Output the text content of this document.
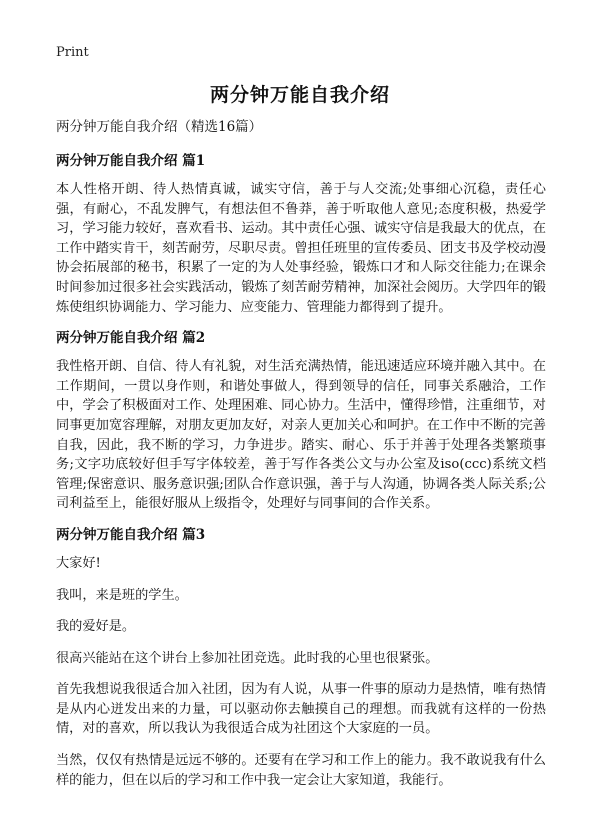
Print
两分钟万能自我介绍

两分钟万能自我介绍（精选16篇）

两分钟万能自我介绍 篇1

本人性格开朗、待人热情真诚，诚实守信，善于与人交流;处事细心沉稳，责任心强，有耐心，不乱发脾气，有想法但不鲁莽，善于听取他人意见;态度积极，热爱学习，学习能力较好，喜欢看书、运动。其中责任心强、诚实守信是我最大的优点，在工作中踏实肯干，刻苦耐劳，尽职尽责。曾担任班里的宣传委员、团支书及学校动漫协会拓展部的秘书，积累了一定的为人处事经验，锻炼口才和人际交往能力;在课余时间参加过很多社会实践活动，锻炼了刻苦耐劳精神，加深社会阅历。大学四年的锻炼使组织协调能力、学习能力、应变能力、管理能力都得到了提升。

两分钟万能自我介绍 篇2

我性格开朗、自信、待人有礼貌，对生活充满热情，能迅速适应环境并融入其中。在工作期间，一贯以身作则，和谐处事做人，得到领导的信任，同事关系融洽，工作中，学会了积极面对工作、处理困难、同心协力。生活中，懂得珍惜，注重细节，对同事更加宽容理解，对朋友更加友好，对亲人更加关心和呵护。在工作中不断的完善自我，因此，我不断的学习，力争进步。踏实、耐心、乐于并善于处理各类繁琐事务;文字功底较好但手写字体较差，善于写作各类公文与办公室及iso(ccc)系统文档管理;保密意识、服务意识强;团队合作意识强，善于与人沟通，协调各类人际关系;公司利益至上，能很好服从上级指令，处理好与同事间的合作关系。

两分钟万能自我介绍 篇3

大家好!

我叫，来是班的学生。

我的爱好是。

很高兴能站在这个讲台上参加社团竞选。此时我的心里也很紧张。

首先我想说我很适合加入社团，因为有人说，从事一件事的原动力是热情，唯有热情是从内心迸发出来的力量，可以驱动你去触摸自己的理想。而我就有这样的一份热情，对的喜欢，所以我认为我很适合成为社团这个大家庭的一员。

当然，仅仅有热情是远远不够的。还要有在学习和工作上的能力。我不敢说我有什么样的能力，但在以后的学习和工作中我一定会让大家知道，我能行。
